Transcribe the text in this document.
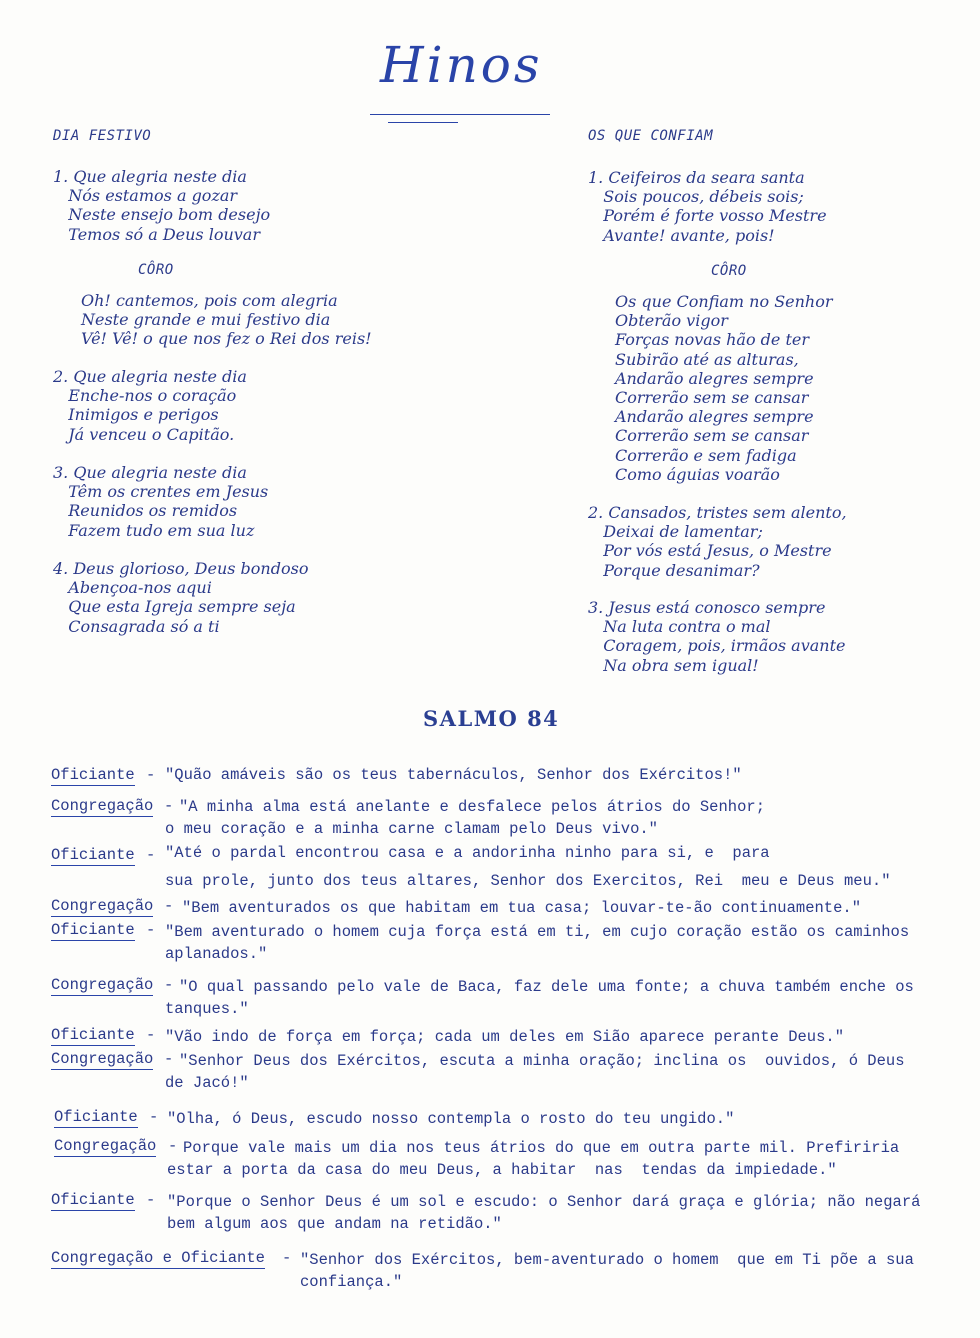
Hinos
DIA FESTIVO
1. Que alegria neste dia
Nós estamos a gozar
Neste ensejo bom desejo
Temos só a Deus louvar
CÔRO
Oh! cantemos, pois com alegria
Neste grande e mui festivo dia
Vê! Vê! o que nos fez o Rei dos reis!
2. Que alegria neste dia
Enche-nos o coração
Inimigos e perigos
Já venceu o Capitão.
3. Que alegria neste dia
Têm os crentes em Jesus
Reunidos os remidos
Fazem tudo em sua luz
4. Deus glorioso, Deus bondoso
Abençoa-nos aqui
Que esta Igreja sempre seja
Consagrada só a ti
OS QUE CONFIAM
1. Ceifeiros da seara santa
Sois poucos, débeis sois;
Porém é forte vosso Mestre
Avante! avante, pois!
CÔRO
Os que Confiam no Senhor
Obterão vigor
Forças novas hão de ter
Subirão até as alturas,
Andarão alegres sempre
Correrão sem se cansar
Andarão alegres sempre
Correrão sem se cansar
Correrão e sem fadiga
Como águias voarão
2. Cansados, tristes sem alento,
Deixai de lamentar;
Por vós está Jesus, o Mestre
Porque desanimar?
3. Jesus está conosco sempre
Na luta contra o mal
Coragem, pois, irmãos avante
Na obra sem igual!
SALMO 84
Oficiante - "Quão amáveis são os teus tabernáculos, Senhor dos Exércitos!"
Congregação - "A minha alma está anelante e desfalece pelos átrios do Senhor;
o meu coração e a minha carne clamam pelo Deus vivo."
Oficiante - "Até o pardal encontrou casa e a andorinha ninho para si, e  para

sua prole, junto dos teus altares, Senhor dos Exercitos, Rei  meu e Deus meu."
Congregação - "Bem aventurados os que habitam em tua casa; louvar-te-ão continuamente."
Oficiante - "Bem aventurado o homem cuja força está em ti, em cujo coração estão os caminhos
aplanados."
Congregação - "O qual passando pelo vale de Baca, faz dele uma fonte; a chuva também enche os
tanques."
Oficiante - "Vão indo de força em força; cada um deles em Sião aparece perante Deus."
Congregação - "Senhor Deus dos Exércitos, escuta a minha oração; inclina os  ouvidos, ó Deus
de Jacó!"
Oficiante - "Olha, ó Deus, escudo nosso contempla o rosto do teu ungido."
Congregação - Porque vale mais um dia nos teus átrios do que em outra parte mil. Prefiriria
estar a porta da casa do meu Deus, a habitar  nas  tendas da impiedade."
Oficiante - "Porque o Senhor Deus é um sol e escudo: o Senhor dará graça e glória; não negará
bem algum aos que andam na retidão."
Congregação e Oficiante - "Senhor dos Exércitos, bem-aventurado o homem  que em Ti põe a sua
confiança."
